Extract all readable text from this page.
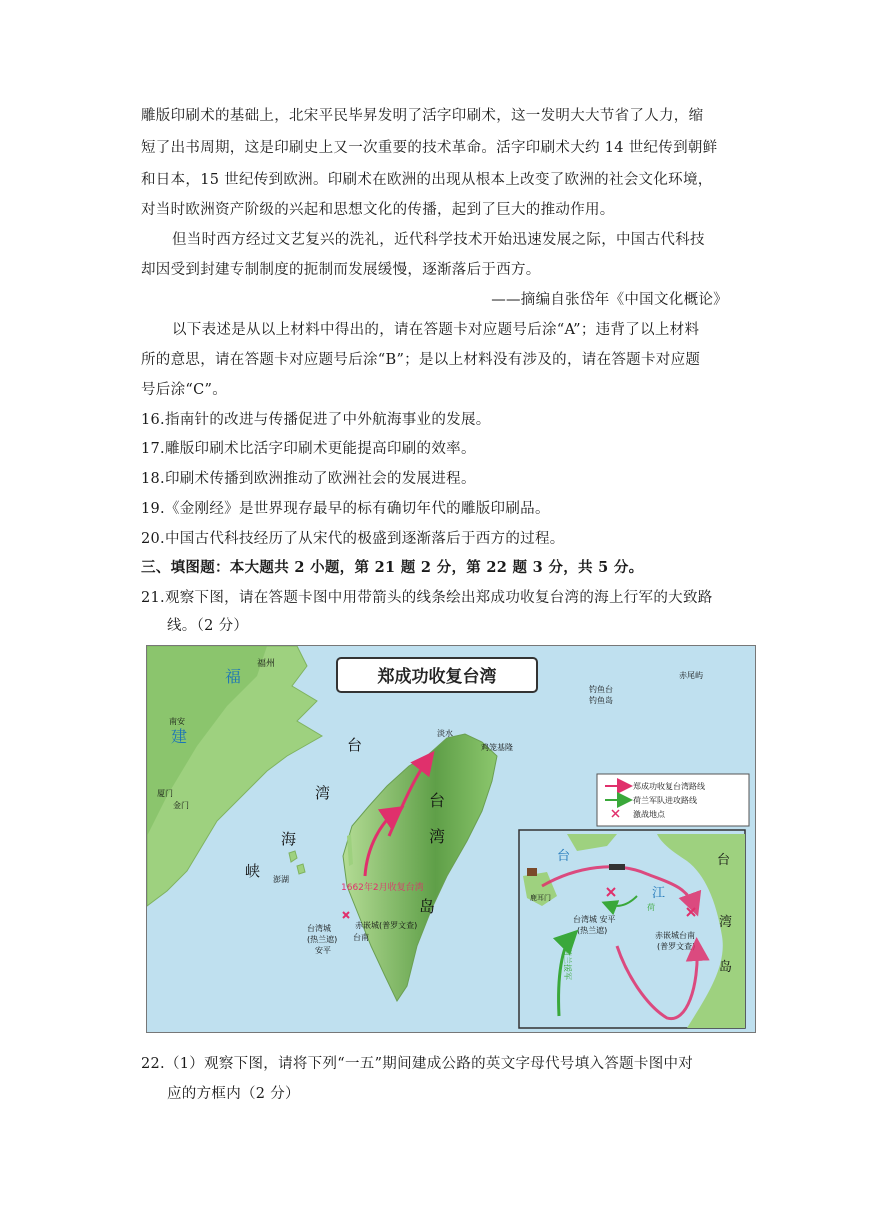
雕版印刷术的基础上，北宋平民毕昇发明了活字印刷术，这一发明大大节省了人力，缩
短了出书周期，这是印刷史上又一次重要的技术革命。活字印刷术大约 14 世纪传到朝鲜
和日本，15 世纪传到欧洲。印刷术在欧洲的出现从根本上改变了欧洲的社会文化环境，
对当时欧洲资产阶级的兴起和思想文化的传播，起到了巨大的推动作用。
但当时西方经过文艺复兴的洗礼，近代科学技术开始迅速发展之际，中国古代科技
却因受到封建专制制度的扼制而发展缓慢，逐渐落后于西方。
——摘编自张岱年《中国文化概论》
以下表述是从以上材料中得出的，请在答题卡对应题号后涂“A”；违背了以上材料
所的意思，请在答题卡对应题号后涂“B”；是以上材料没有涉及的，请在答题卡对应题
号后涂“C”。
16.指南针的改进与传播促进了中外航海事业的发展。
17.雕版印刷术比活字印刷术更能提高印刷的效率。
18.印刷术传播到欧洲推动了欧洲社会的发展进程。
19.《金刚经》是世界现存最早的标有确切年代的雕版印刷品。
20.中国古代科技经历了从宋代的极盛到逐渐落后于西方的过程。
三、填图题：本大题共 2 小题，第 21 题 2 分，第 22 题 3 分，共 5 分。
21.观察下图，请在答题卡图中用带箭头的线条绘出郑成功收复台湾的海上行军的大致路
线。（2 分）
郑成功收复台湾
福州
福
建
南安
厦门
金门
赤尾屿
钓鱼台
钓鱼岛
淡水
鸡笼基隆
台
湾
海
峡 澎湖
台
湾
岛
1662年2月收复台湾
台湾城
(热兰遮)
安平
赤嵌城(普罗文查)
台南
郑成功收复台湾路线
荷兰军队进攻路线
激战地点
台
江
鹿耳门
台湾城 安平
(热兰遮)
赤嵌城台南
(普罗文查)
台
湾
岛
荷
荷兰援军
22.（1）观察下图，请将下列“一五”期间建成公路的英文字母代号填入答题卡图中对
应的方框内（2 分）
